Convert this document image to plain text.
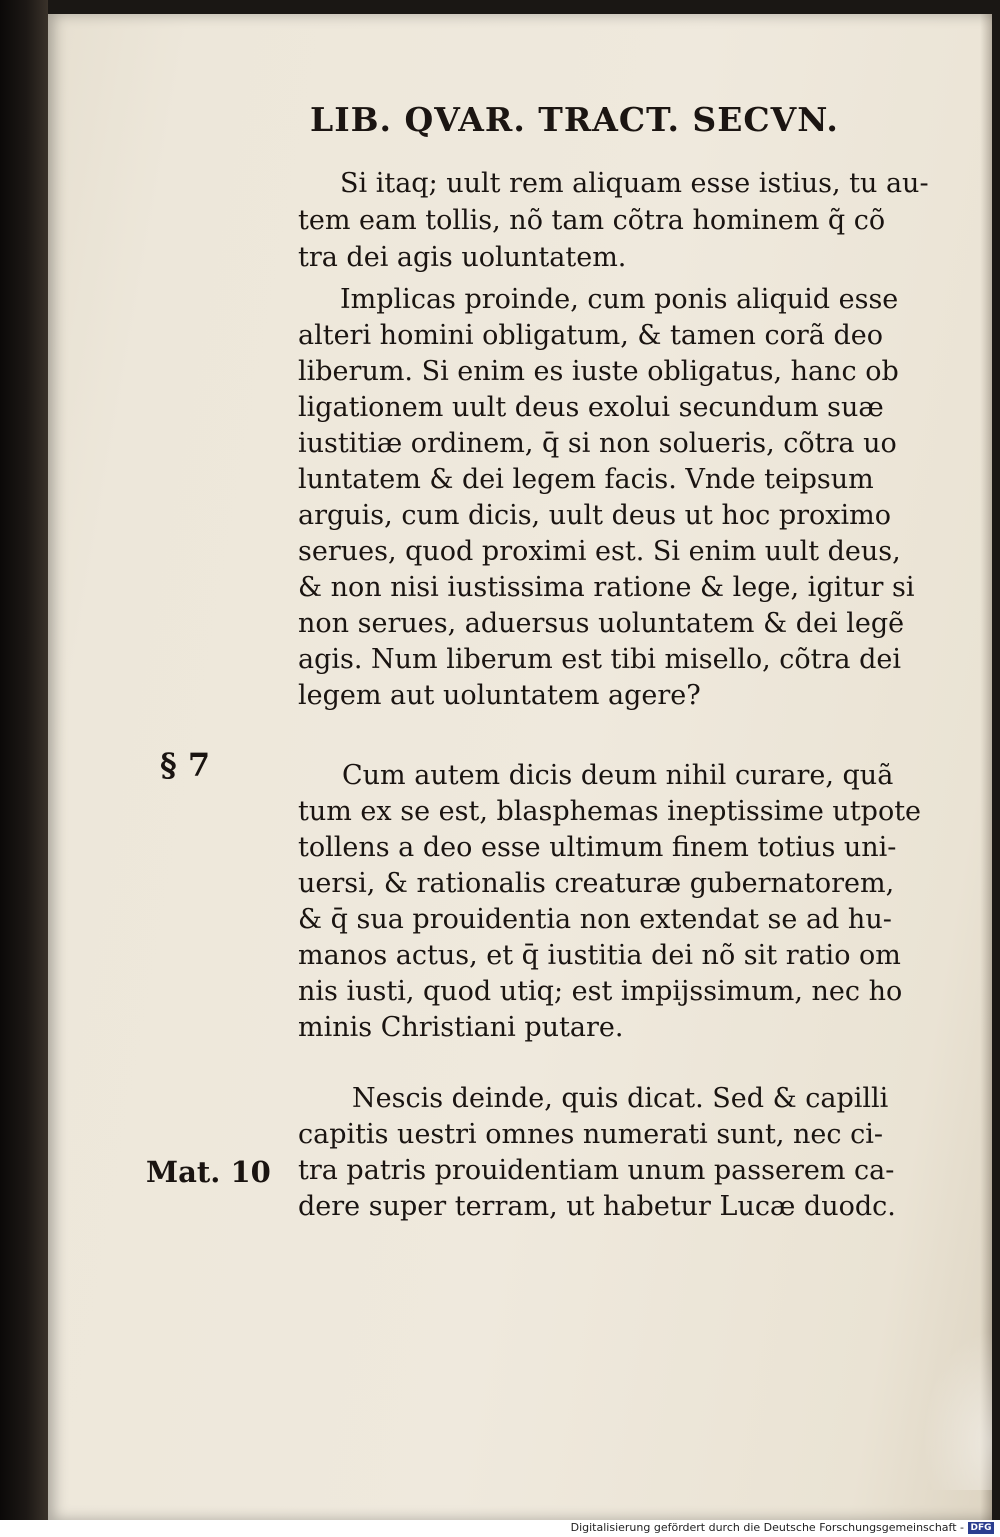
LIB. QVAR. TRACT. SECVN.
Si itaq; uult rem aliquam esse istius, tu au-
tem eam tollis, nõ tam cõtra hominem q̃ cõ
tra dei agis uoluntatem.
Implicas proinde, cum ponis aliquid esse
alteri homini obligatum, & tamen corã deo
liberum. Si enim es iuste obligatus, hanc ob
ligationem uult deus exolui secundum suæ
iustitiæ ordinem, q̄ si non solueris, cõtra uo
luntatem & dei legem facis. Vnde teipsum
arguis, cum dicis, uult deus ut hoc proximo
serues, quod proximi est. Si enim uult deus,
& non nisi iustissima ratione & lege, igitur si
non serues, aduersus uoluntatem & dei legẽ
agis. Num liberum est tibi misello, cõtra dei
legem aut uoluntatem agere?
§ 7	Cum autem dicis deum nihil curare, quã
tum ex se est, blasphemas ineptissime utpote
tollens a deo esse ultimum finem totius uni-
uersi, & rationalis creaturæ gubernatorem,
& q̄ sua prouidentia non extendat se ad hu-
manos actus, et q̄ iustitia dei nõ sit ratio om
nis iusti, quod utiq; est impijssimum, nec ho
minis Christiani putare.
Nescis deinde, quis dicat. Sed & capilli
capitis uestri omnes numerati sunt, nec ci-
tra patris prouidentiam unum passerem ca-
dere super terram, ut habetur Lucæ duodc.
Mat. 10
Digitalisierung gefördert durch die Deutsche Forschungsgemeinschaft - DFG
